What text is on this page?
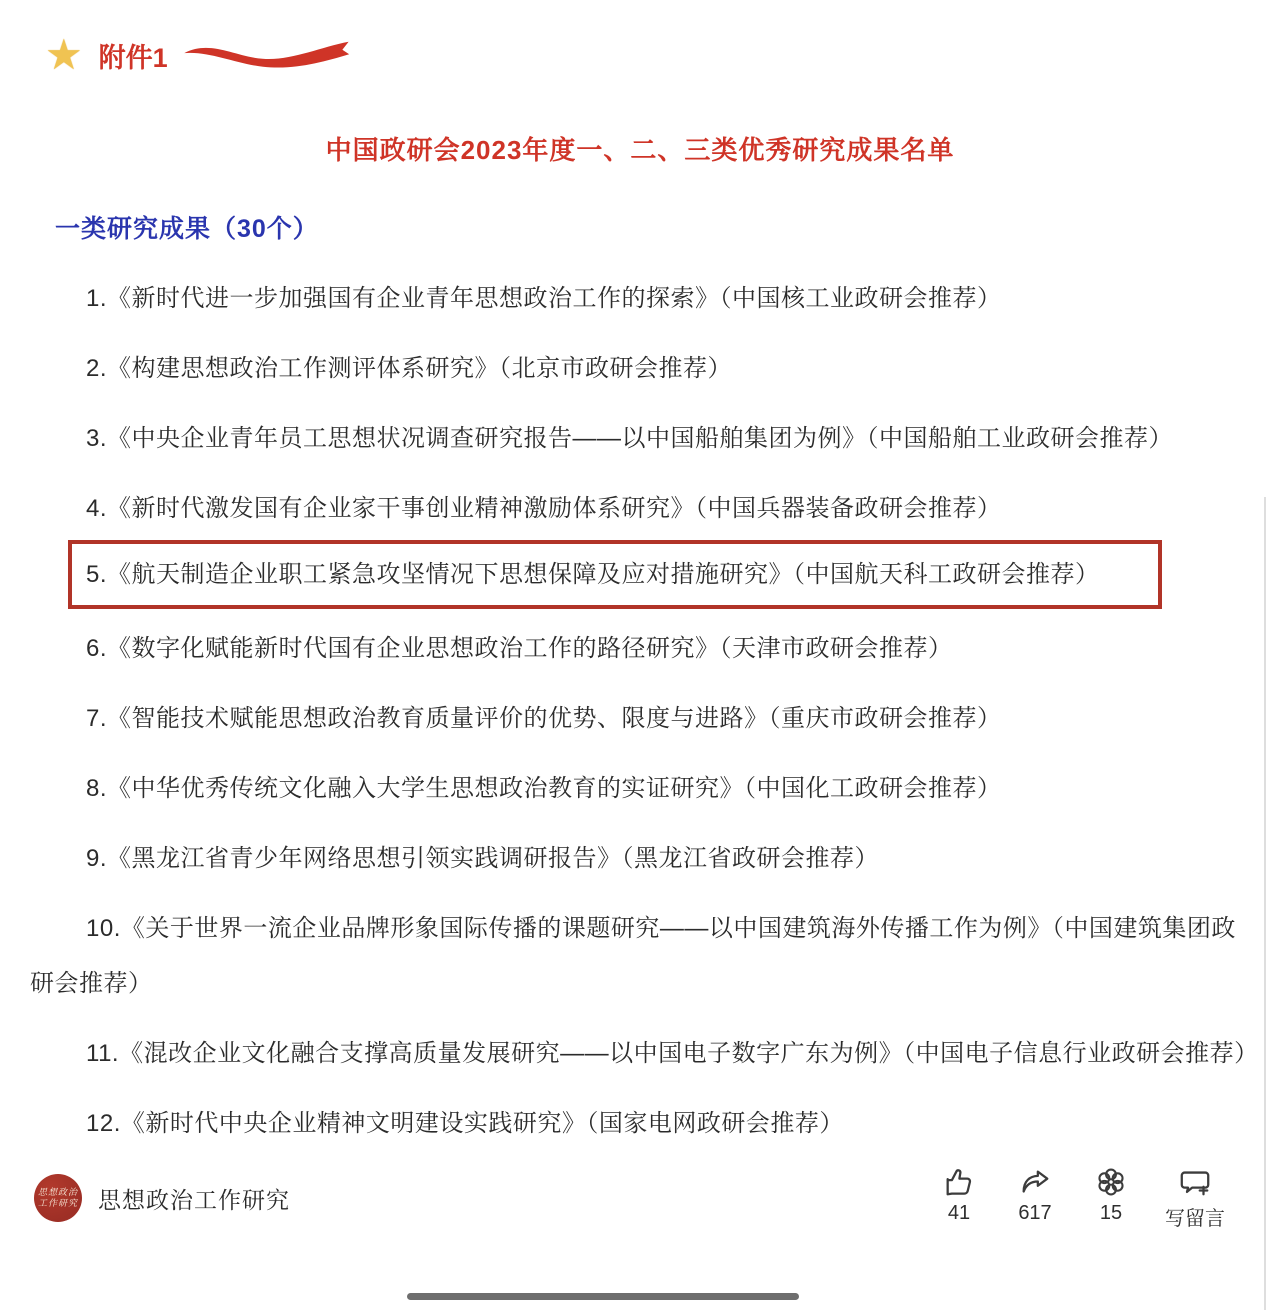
★ 附件1
中国政研会2023年度一、二、三类优秀研究成果名单
一类研究成果（30个）

1.《新时代进一步加强国有企业青年思想政治工作的探索》（中国核工业政研会推荐）

2.《构建思想政治工作测评体系研究》（北京市政研会推荐）

3.《中央企业青年员工思想状况调查研究报告——以中国船舶集团为例》（中国船舶工业政研会推荐）

4.《新时代激发国有企业家干事创业精神激励体系研究》（中国兵器装备政研会推荐）

5.《航天制造企业职工紧急攻坚情况下思想保障及应对措施研究》（中国航天科工政研会推荐）

6.《数字化赋能新时代国有企业思想政治工作的路径研究》（天津市政研会推荐）

7.《智能技术赋能思想政治教育质量评价的优势、限度与进路》（重庆市政研会推荐）

8.《中华优秀传统文化融入大学生思想政治教育的实证研究》（中国化工政研会推荐）

9.《黑龙江省青少年网络思想引领实践调研报告》（黑龙江省政研会推荐）

10.《关于世界一流企业品牌形象国际传播的课题研究——以中国建筑海外传播工作为例》（中国建筑集团政研会推荐）

11.《混改企业文化融合支撑高质量发展研究——以中国电子数字广东为例》（中国电子信息行业政研会推荐）

12.《新时代中央企业精神文明建设实践研究》（国家电网政研会推荐）

思想政治
工作研究 思想政治工作研究
41 617 15 写留言
